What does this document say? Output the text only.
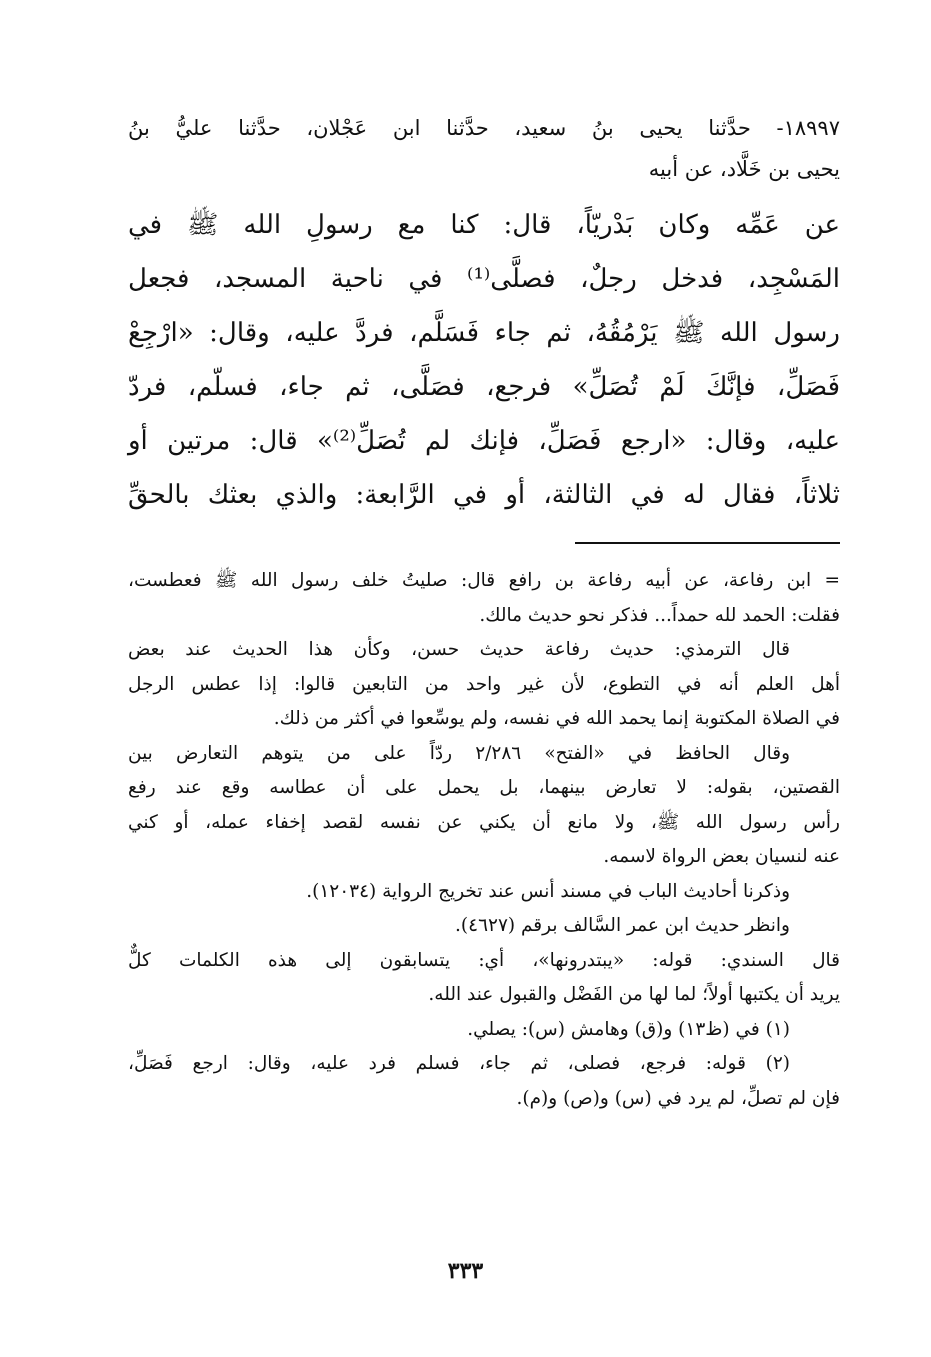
١٨٩٩٧- حدَّثنا يحيى بنُ سعيد، حدَّثنا ابن عَجْلان، حدَّثنا عليُّ بنُ
يحيى بن خَلَّاد، عن أبيه
عن عَمِّه وكان بَدْريّاً، قال: كنا مع رسولِ الله ﷺ في
المَسْجِد، فدخل رجلٌ، فصلَّى⁽¹⁾ في ناحية المسجد، فجعل
رسول الله ﷺ يَرْمُقُهُ، ثم جاء فَسَلَّم، فردَّ عليه، وقال: «ارْجِعْ
فَصَلِّ، فإنَّكَ لَمْ تُصَلِّ» فرجع، فصَلَّى، ثم جاء، فسلّم، فردّ
عليه، وقال: «ارجع فَصَلِّ، فإنك لم تُصَلِّ⁽²⁾» قال: مرتين أو
ثلاثاً، فقال له في الثالثة، أو في الرَّابعة: والذي بعثك بالحقِّ
= ابن رفاعة، عن أبيه رفاعة بن رافع قال: صليتُ خلف رسول الله ﷺ فعطست،
فقلت: الحمد لله حمداً... فذكر نحو حديث مالك.
قال الترمذي: حديث رفاعة حديث حسن، وكأن هذا الحديث عند بعض
أهل العلم أنه في التطوع، لأن غير واحد من التابعين قالوا: إذا عطس الرجل
في الصلاة المكتوبة إنما يحمد الله في نفسه، ولم يوسِّعوا في أكثر من ذلك.
وقال الحافظ في «الفتح» ٢/٢٨٦ ردّاً على من يتوهم التعارض بين
القصتين، بقوله: لا تعارض بينهما، بل يحمل على أن عطاسه وقع عند رفع
رأس رسول الله ﷺ، ولا مانع أن يكني عن نفسه لقصد إخفاء عمله، أو كني
عنه لنسيان بعض الرواة لاسمه.
وذكرنا أحاديث الباب في مسند أنس عند تخريج الرواية (١٢٠٣٤).
وانظر حديث ابن عمر السَّالف برقم (٤٦٢٧).
قال السندي: قوله: «يبتدرونها»، أي: يتسابقون إلى هذه الكلمات كلٌّ
يريد أن يكتبها أولاً؛ لما لها من الفَضْل والقبول عند الله.
(١) في (ظ١٣) و(ق) وهامش (س): يصلي.
(٢) قوله: فرجع، فصلى، ثم جاء، فسلم فرد عليه، وقال: ارجع فَصَلِّ،
فإن لم تصلِّ، لم يرد في (س) و(ص) و(م).
٣٣٣
